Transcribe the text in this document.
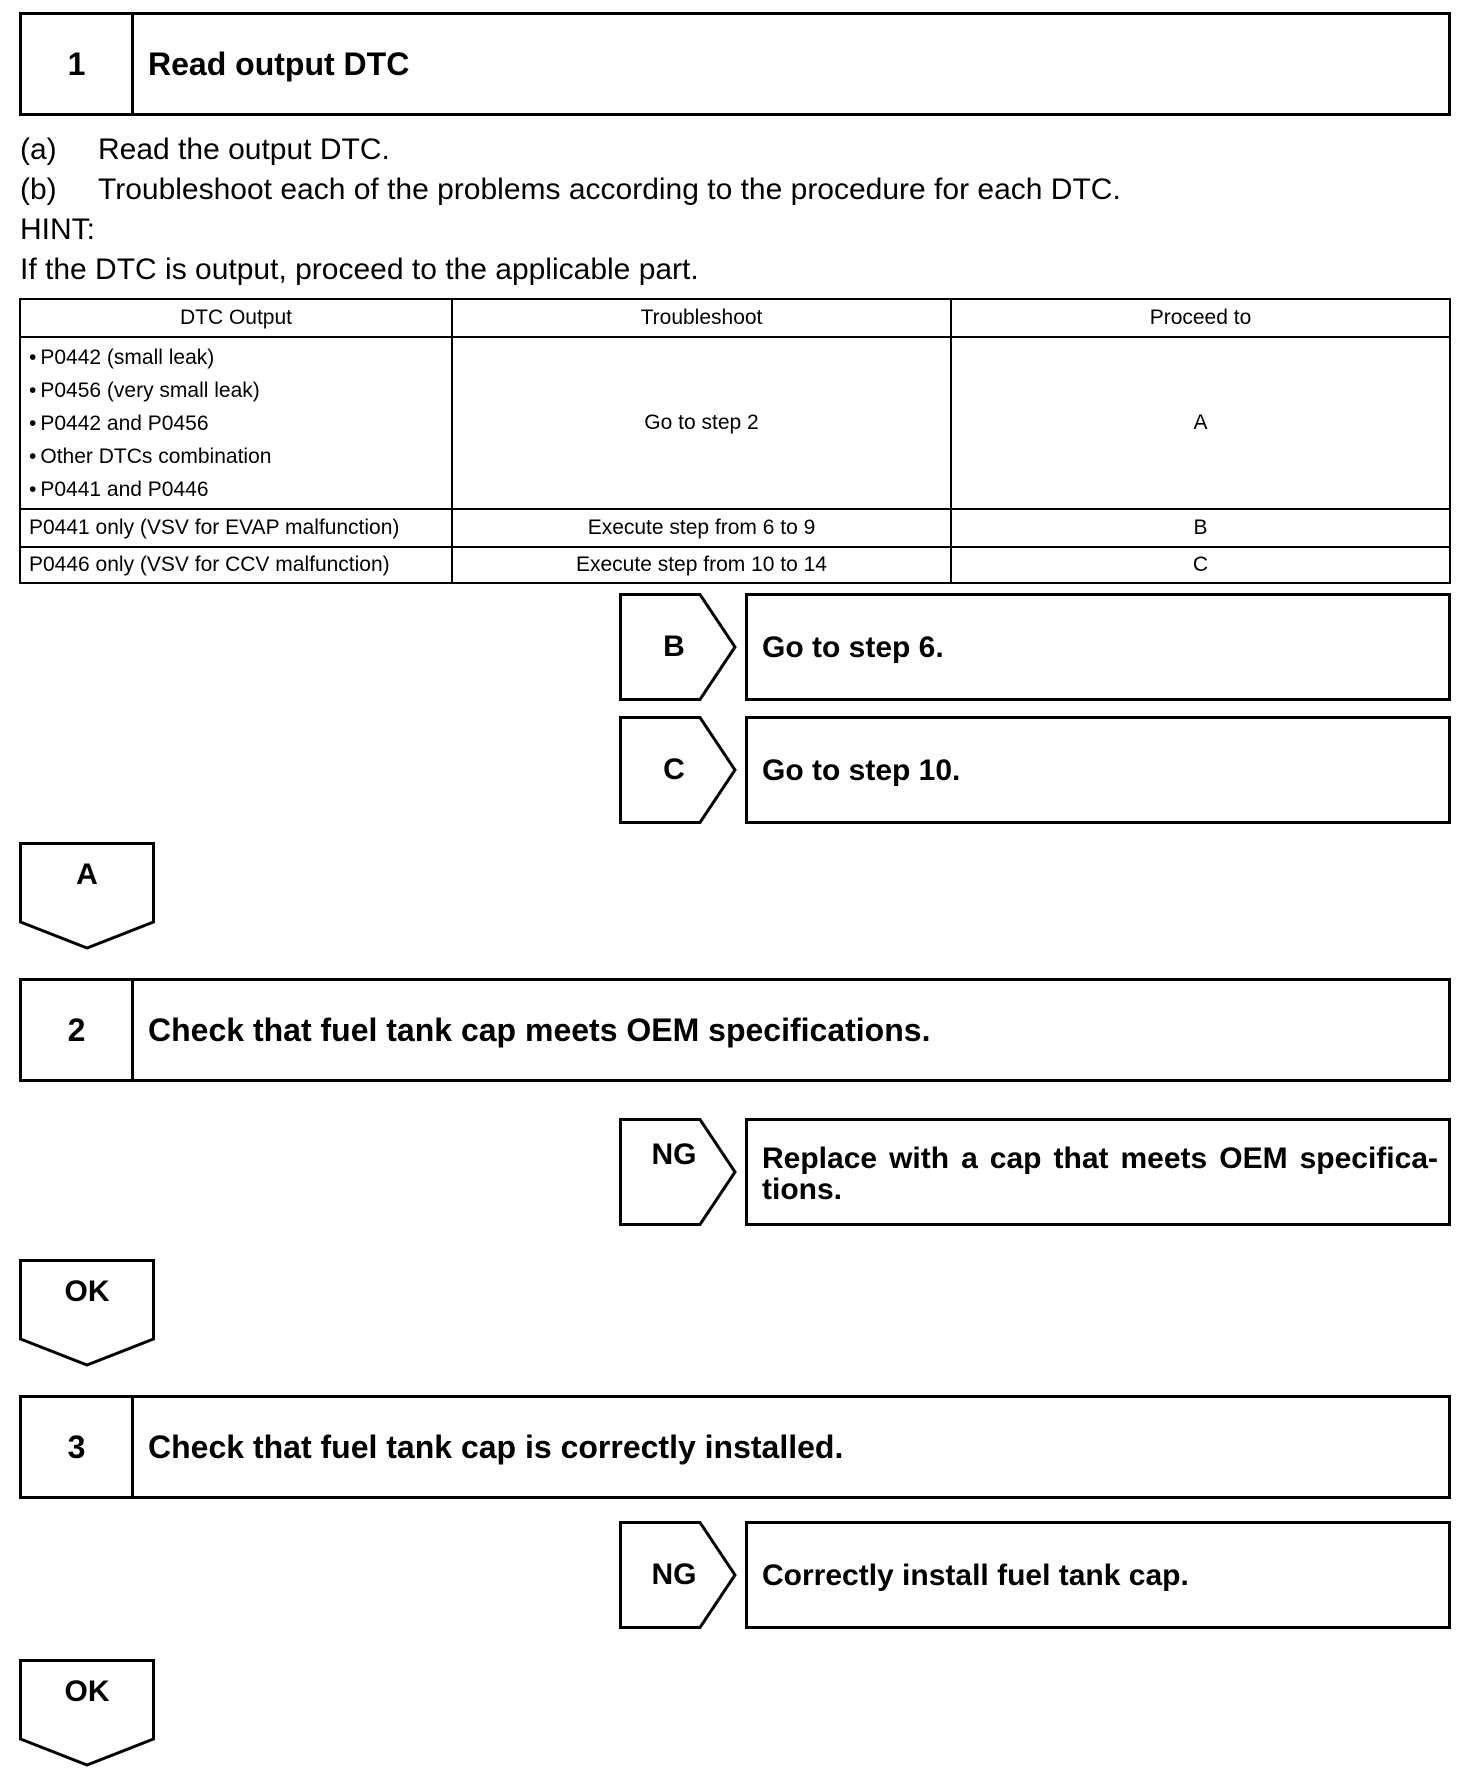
1	Read output DTC
(a) Read the output DTC.
(b) Troubleshoot each of the problems according to the procedure for each DTC.
HINT:
If the DTC is output, proceed to the applicable part.
DTC Output	Troubleshoot	Proceed to

• P0442 (small leak)
• P0456 (very small leak)
• P0442 and P0456
• Other DTCs combination
• P0441 and P0446	Go to step 2	A
P0441 only (VSV for EVAP malfunction)	Execute step from 6 to 9	B
P0446 only (VSV for CCV malfunction)	Execute step from 10 to 14	C
B	Go to step 6.
C	Go to step 10.
A
2	Check that fuel tank cap meets OEM specifications.
NG	Replace with a cap that meets OEM specifica- tions.
OK
3	Check that fuel tank cap is correctly installed.
NG	Correctly install fuel tank cap.
OK
